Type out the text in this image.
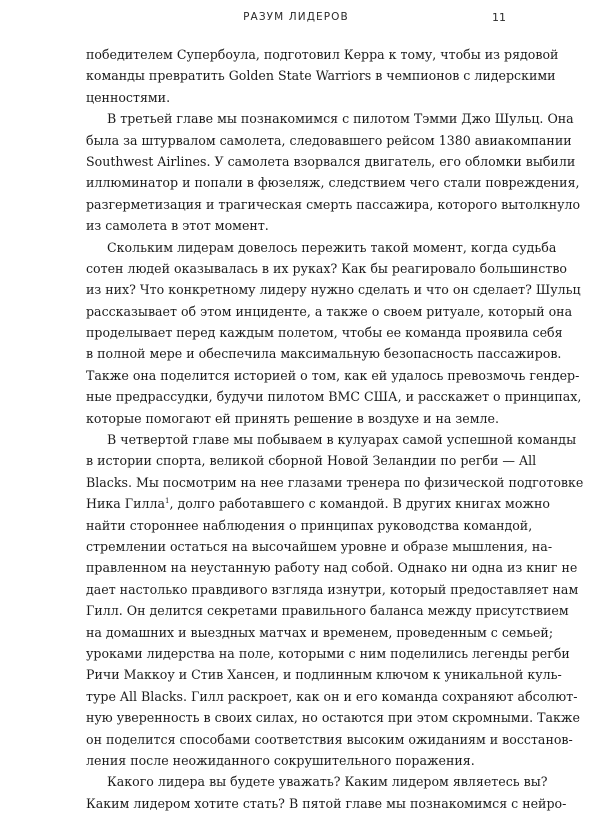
РАЗУМ ЛИДЕРОВ	11
победителем Супербоула, подготовил Керра к тому, чтобы из рядовой
команды превратить Golden State Warriors в чемпионов с лидерскими
ценностями.
В третьей главе мы познакомимся с пилотом Тэмми Джо Шульц. Она
была за штурвалом самолета, следовавшего рейсом 1380 авиакомпании
Southwest Airlines. У самолета взорвался двигатель, его обломки выбили
иллюминатор и попали в фюзеляж, следствием чего стали повреждения,
разгерметизация и трагическая смерть пассажира, которого вытолкнуло
из самолета в этот момент.
Скольким лидерам довелось пережить такой момент, когда судьба
сотен людей оказывалась в их руках? Как бы реагировало большинство
из них? Что конкретному лидеру нужно сделать и что он сделает? Шульц
рассказывает об этом инциденте, а также о своем ритуале, который она
проделывает перед каждым полетом, чтобы ее команда проявила себя
в полной мере и обеспечила максимальную безопасность пассажиров.
Также она поделится историей о том, как ей удалось превозмочь гендер-
ные предрассудки, будучи пилотом ВМС США, и расскажет о принципах,
которые помогают ей принять решение в воздухе и на земле.
В четвертой главе мы побываем в кулуарах самой успешной команды
в истории спорта, великой сборной Новой Зеландии по регби — All
Blacks. Мы посмотрим на нее глазами тренера по физической подготовке
Ника Гилла$^1$, долго работавшего с командой. В других книгах можно
найти стороннее наблюдения о принципах руководства командой,
стремлении остаться на высочайшем уровне и образе мышления, на-
правленном на неустанную работу над собой. Однако ни одна из книг не
дает настолько правдивого взгляда изнутри, который предоставляет нам
Гилл. Он делится секретами правильного баланса между присутствием
на домашних и выездных матчах и временем, проведенным с семьей;
уроками лидерства на поле, которыми с ним поделились легенды регби
Ричи Маккоу и Стив Хансен, и подлинным ключом к уникальной куль-
туре All Blacks. Гилл раскроет, как он и его команда сохраняют абсолют-
ную уверенность в своих силах, но остаются при этом скромными. Также
он поделится способами соответствия высоким ожиданиям и восстанов-
ления после неожиданного сокрушительного поражения.
Какого лидера вы будете уважать? Каким лидером являетесь вы?
Каким лидером хотите стать? В пятой главе мы познакомимся с нейро-
